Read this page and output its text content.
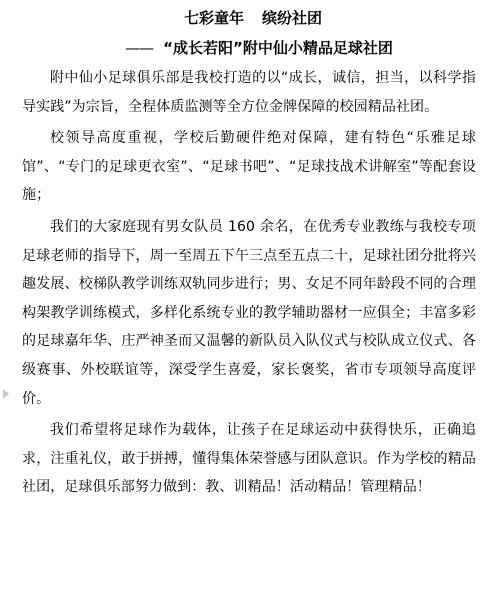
七彩童年 缤纷社团
—— “成长若阳”附中仙小精品足球社团

附中仙小足球俱乐部是我校打造的以“成长，诚信，担当，以科学指导实践”为宗旨，全程体质监测等全方位金牌保障的校园精品社团。

校领导高度重视，学校后勤硬件绝对保障，建有特色“乐雅足球馆”、“专门的足球更衣室”、“足球书吧”、“足球技战术讲解室”等配套设施；

我们的大家庭现有男女队员 160 余名，在优秀专业教练与我校专项足球老师的指导下，周一至周五下午三点至五点二十，足球社团分批将兴趣发展、校梯队教学训练双轨同步进行；男、女足不同年龄段不同的合理构架教学训练模式，多样化系统专业的教学辅助器材一应俱全；丰富多彩的足球嘉年华、庄严神圣而又温馨的新队员入队仪式与校队成立仪式、各级赛事、外校联谊等，深受学生喜爱，家长褒奖，省市专项领导高度评价。

我们希望将足球作为载体，让孩子在足球运动中获得快乐，正确追求，注重礼仪，敢于拼搏，懂得集体荣誉感与团队意识。作为学校的精品社团，足球俱乐部努力做到：教、训精品！活动精品！管理精品！
